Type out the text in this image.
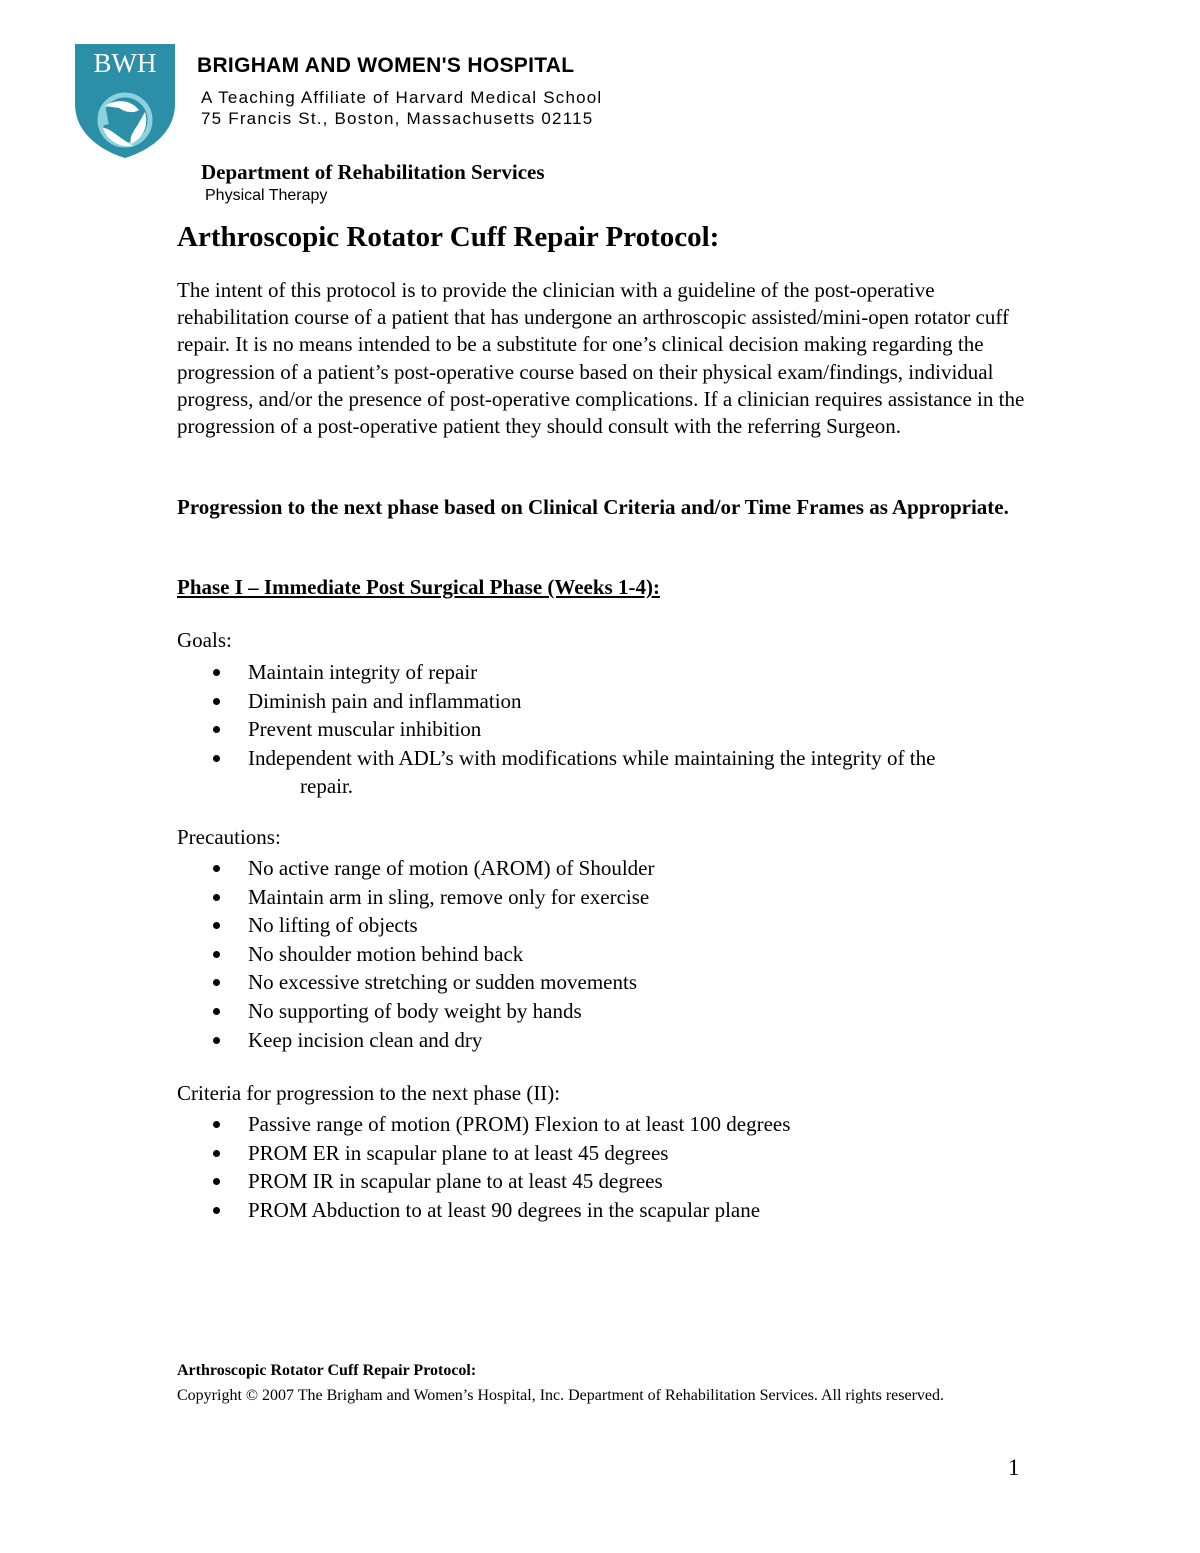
BWH BRIGHAM AND WOMEN'S HOSPITAL

A Teaching Affiliate of Harvard Medical School

75 Francis St., Boston, Massachusetts 02115

Department of Rehabilitation Services

Physical Therapy

Arthroscopic Rotator Cuff Repair Protocol:

The intent of this protocol is to provide the clinician with a guideline of the post-operative rehabilitation course of a patient that has undergone an arthroscopic assisted/mini-open rotator cuff repair. It is no means intended to be a substitute for one’s clinical decision making regarding the progression of a patient’s post-operative course based on their physical exam/findings, individual progress, and/or the presence of post-operative complications. If a clinician requires assistance in the progression of a post-operative patient they should consult with the referring Surgeon.

Progression to the next phase based on Clinical Criteria and/or Time Frames as Appropriate.

Phase I – Immediate Post Surgical Phase (Weeks 1-4):

Goals:

Maintain integrity of repair
Diminish pain and inflammation
Prevent muscular inhibition
Independent with ADL’s with modifications while maintaining the integrity of the
repair.

Precautions:

No active range of motion (AROM) of Shoulder
Maintain arm in sling, remove only for exercise
No lifting of objects
No shoulder motion behind back
No excessive stretching or sudden movements
No supporting of body weight by hands
Keep incision clean and dry

Criteria for progression to the next phase (II):

Passive range of motion (PROM) Flexion to at least 100 degrees
PROM ER in scapular plane to at least 45 degrees
PROM IR in scapular plane to at least 45 degrees
PROM Abduction to at least 90 degrees in the scapular plane

Arthroscopic Rotator Cuff Repair Protocol:

Copyright © 2007 The Brigham and Women’s Hospital, Inc. Department of Rehabilitation Services. All rights reserved.

1
